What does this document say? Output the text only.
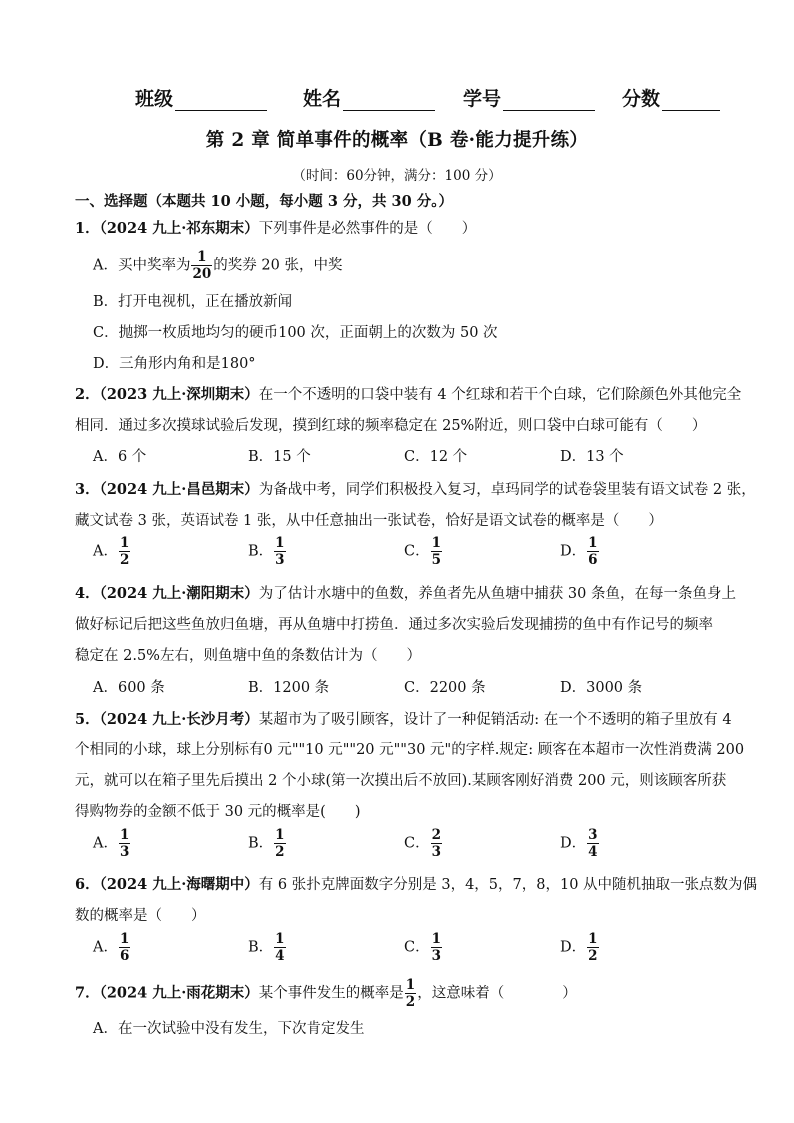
班级	姓名	学号	分数
第 2 章 简单事件的概率（B 卷·能力提升练）
（时间：60分钟，满分：100 分）
一、选择题（本题共 10 小题，每小题 3 分，共 30 分。）
1．（2024 九上·祁东期末）下列事件是必然事件的是（　　）
A．买中奖率为 $\frac{1}{20}$ 的奖券 20 张，中奖
B．打开电视机，正在播放新闻
C．抛掷一枚质地均匀的硬币100 次，正面朝上的次数为 50 次
D．三角形内角和是180°
2．（2023 九上·深圳期末）在一个不透明的口袋中装有 4 个红球和若干个白球，它们除颜色外其他完全
相同．通过多次摸球试验后发现，摸到红球的频率稳定在 25%附近，则口袋中白球可能有（　　）
A．6 个	B．15 个	C．12 个	D．13 个
3．（2024 九上·昌邑期末）为备战中考，同学们积极投入复习，卓玛同学的试卷袋里装有语文试卷 2 张，
藏文试卷 3 张，英语试卷 1 张，从中任意抽出一张试卷，恰好是语文试卷的概率是（　　）
A． $\frac{1}{2}$	B． $\frac{1}{3}$	C． $\frac{1}{5}$	D． $\frac{1}{6}$
4．（2024 九上·潮阳期末）为了估计水塘中的鱼数，养鱼者先从鱼塘中捕获 30 条鱼，在每一条鱼身上
做好标记后把这些鱼放归鱼塘，再从鱼塘中打捞鱼．通过多次实验后发现捕捞的鱼中有作记号的频率
稳定在 2.5%左右，则鱼塘中鱼的条数估计为（　　）
A．600 条	B．1200 条	C．2200 条	D．3000 条
5．（2024 九上·长沙月考）某超市为了吸引顾客，设计了一种促销活动: 在一个不透明的箱子里放有 4
个相同的小球，球上分别标有0 元""10 元""20 元""30 元"的字样.规定: 顾客在本超市一次性消费满 200
元，就可以在箱子里先后摸出 2 个小球(第一次摸出后不放回).某顾客刚好消费 200 元，则该顾客所获
得购物券的金额不低于 30 元的概率是(　　)
A． $\frac{1}{3}$	B． $\frac{1}{2}$	C． $\frac{2}{3}$	D． $\frac{3}{4}$
6．（2024 九上·海曙期中）有 6 张扑克牌面数字分别是 3，4，5，7，8，10 从中随机抽取一张点数为偶
数的概率是（　　）
A． $\frac{1}{6}$	B． $\frac{1}{4}$	C． $\frac{1}{3}$	D． $\frac{1}{2}$
7．（2024 九上·雨花期末）某个事件发生的概率是 $\frac{1}{2}$ ，这意味着（　　　　）
A．在一次试验中没有发生，下次肯定发生
